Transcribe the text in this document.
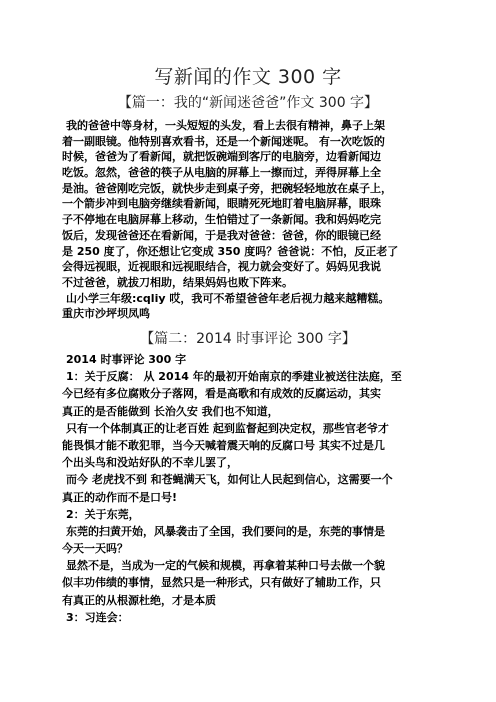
写新闻的作文 300 字
【篇一：我的“新闻迷爸爸”作文 300 字】
我的爸爸中等身材，一头短短的头发，看上去很有精神，鼻子上架
着一副眼镜。他特别喜欢看书，还是一个新闻迷呢。 有一次吃饭的
时候，爸爸为了看新闻，就把饭碗端到客厅的电脑旁，边看新闻边
吃饭。忽然，爸爸的筷子从电脑的屏幕上一擦而过，弄得屏幕上全
是油。爸爸刚吃完饭，就快步走到桌子旁，把碗轻轻地放在桌子上，
一个箭步冲到电脑旁继续看新闻，眼睛死死地盯着电脑屏幕，眼珠
子不停地在电脑屏幕上移动，生怕错过了一条新闻。我和妈妈吃完
饭后，发现爸爸还在看新闻，于是我对爸爸：爸爸，你的眼镜已经
是 250 度了，你还想让它变成 350 度吗？爸爸说：不怕，反正老了
会得远视眼，近视眼和远视眼结合，视力就会变好了。妈妈见我说
不过爸爸，就拔刀相助，结果妈妈也败下阵来。
山小学三年级:cqliy 哎，我可不希望爸爸年老后视力越来越糟糕。
重庆市沙坪坝凤鸣
【篇二：2014 时事评论 300 字】
2014 时事评论 300 字
1：关于反腐： 从 2014 年的最初开始南京的季建业被送往法庭，至
今已经有多位腐败分子落网，看是高歌和有成效的反腐运动，其实
真正的是否能做到 长治久安 我们也不知道，
只有一个体制真正的让老百姓 起到监督起到决定权，那些官老爷才
能畏惧才能不敢犯罪，当今天喊着震天响的反腐口号 其实不过是几
个出头鸟和没站好队的不幸儿罢了，
而今 老虎找不到 和苍蝇满天飞，如何让人民起到信心，这需要一个
真正的动作而不是口号!
2：关于东莞，
东莞的扫黄开始，风暴袭击了全国，我们要问的是，东莞的事情是
今天一天吗？
显然不是，当成为一定的气候和规模，再拿着某种口号去做一个貌
似丰功伟绩的事情，显然只是一种形式，只有做好了辅助工作，只
有真正的从根源杜绝，才是本质
3：习连会：
